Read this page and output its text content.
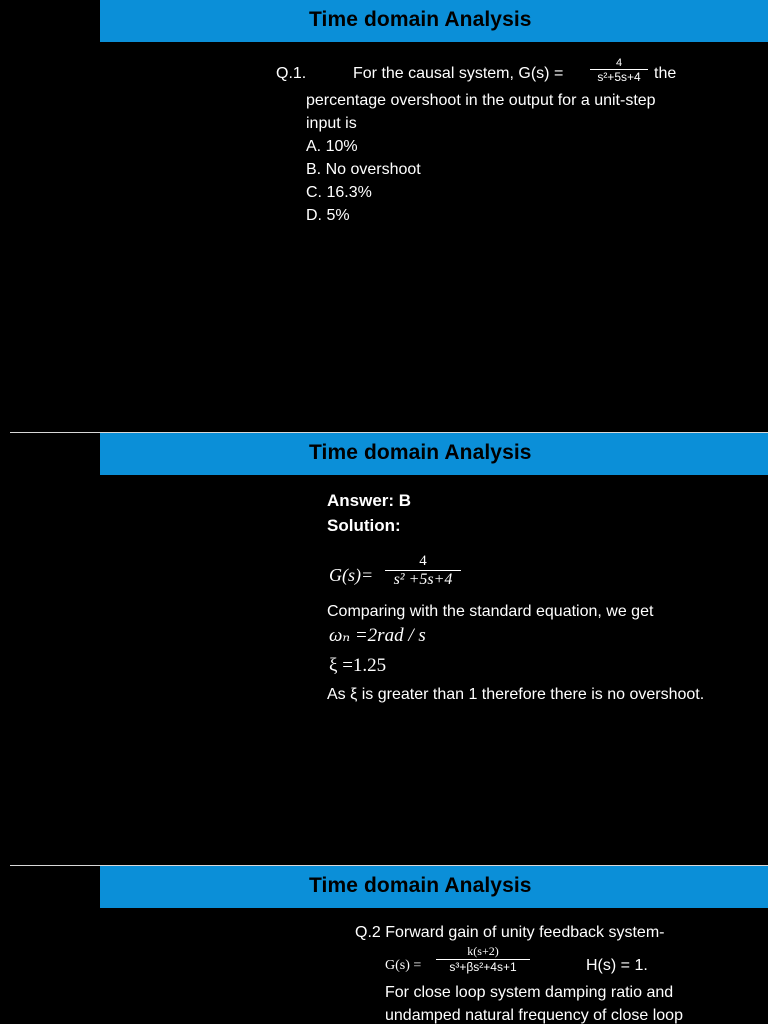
Time domain Analysis
Q.1.	For the causal system, G(s) =
4
s²+5s+4 the
percentage overshoot in the output for a unit-step
input is
A. 10%
B. No overshoot
C. 16.3%
D. 5%
Time domain Analysis
Answer: B
Solution:
G(s)=
4
s² +5s+4
Comparing with the standard equation, we get
ωₙ =2rad / s
ξ =1.25
As ξ is greater than 1 therefore there is no overshoot.
Time domain Analysis
Q.2 Forward gain of unity feedback system-
G(s) =
k(s+2)
s³+βs²+4s+1	H(s) = 1.
For close loop system damping ratio and
undamped natural frequency of close loop
